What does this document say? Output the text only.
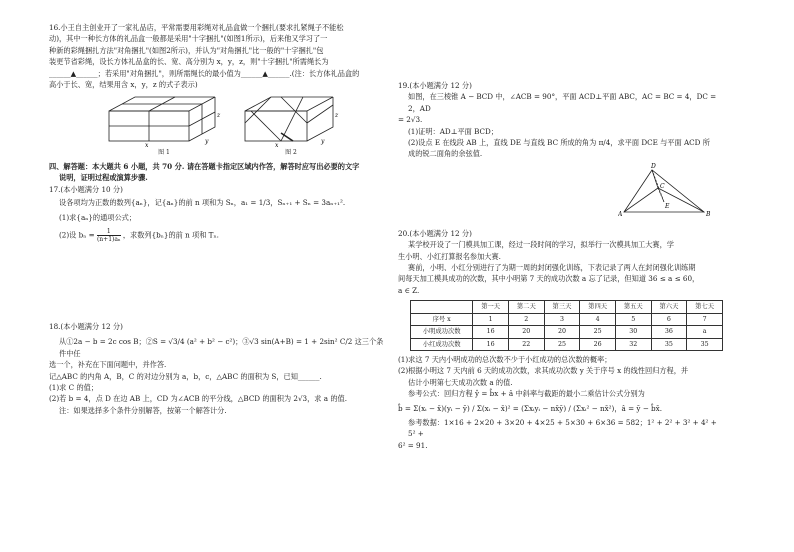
16.小王自主创业开了一家礼品店，平常需要用彩绳对礼品盒做一个捆扎(要求扎紧绳子不能松

动)，其中一种长方体的礼品盒一般都是采用"十字捆扎"(如图1所示)，后来他又学习了一

种新的彩绳捆扎方法"对角捆扎"(如图2所示)，并认为"对角捆扎"比一般的"十字捆扎"包

装更节省彩绳，设长方体礼品盒的长、宽、高分别为 x，y，z，则"十字捆扎"所需绳长为

______▲______；若采用"对角捆扎"，则所需绳长的最小值为______▲______.(注：长方体礼品盒的

高小于长、宽，结果用含 x，y，z 的式子表示)

x
y
z
图 1
x
y
z
图 2

四、解答题：本大题共 6 小题，共 70 分. 请在答题卡指定区域内作答，解答时应写出必要的文字

说明，证明过程或演算步骤.

17.(本小题满分 10 分)

设各项均为正数的数列{aₙ}，记{aₙ}的前 n 项和为 Sₙ，a₁ = 1/3，Sₙ₊₁ + Sₙ = 3aₙ₊₁².

(1)求{aₙ}的通项公式；

(2)设 $b_n = \frac{1}{\text{(n+1)aₙ}}$ ，求数列{bₙ}的前 n 项和 Tₙ.

18.(本小题满分 12 分)

从①2a − b = 2c cos B；②S = √3/4 (a² + b² − c²)；③√3 sin(A+B) = 1 + 2sin² C/2 这三个条件中任

选一个，补充在下面问题中，并作答.

记△ABC 的内角 A，B，C 的对边分别为 a，b，c，△ABC 的面积为 S，已知______.

(1)求 C 的值；

(2)若 b = 4，点 D 在边 AB 上，CD 为∠ACB 的平分线，△BCD 的面积为 2√3，求 a 的值.

注：如果选择多个条件分别解答，按第一个解答计分.

19.(本小题满分 12 分)

如图，在三棱锥 A − BCD 中，∠ACB = 90°，平面 ACD⊥平面 ABC，AC = BC = 4，DC = 2，AD

= 2√3.

(1)证明：AD⊥平面 BCD；

(2)设点 E 在线段 AB 上，直线 DE 与直线 BC 所成的角为 π/4，求平面 DCE 与平面 ACD 所

成的锐二面角的余弦值.

20.(本小题满分 12 分)

某学校开设了一门模具加工课，经过一段时间的学习，拟举行一次模具加工大赛，学

生小明、小红打算报名参加大赛.

赛前，小明、小红分别进行了为期一周的封闭强化训练，下表记录了两人在封闭强化训练期

间每天加工模具成功的次数，其中小明第 7 天的成功次数 a 忘了记录，但知道 36 ≤ a ≤ 60，

a ∈ Z.

	第一天	第二天	第三天	第四天	第五天	第六天	第七天
序号 x	1	2	3	4	5	6	7
小明成功次数	16	20	20	25	30	36	a
小红成功次数	16	22	25	26	32	35	35

(1)求这 7 天内小明成功的总次数不少于小红成功的总次数的概率；

(2)根据小明这 7 天内前 6 天的成功次数，求其成功次数 y 关于序号 x 的线性回归方程，并

估计小明第七天成功次数 a 的值.

参考公式：回归方程 ŷ = b̂x + â 中斜率与截距的最小二乘估计公式分别为

b̂ = Σ(xᵢ − x̄)(yᵢ − ȳ) / Σ(xᵢ − x̄)² = (Σxᵢyᵢ − nx̄ȳ) / (Σxᵢ² − nx̄²)，â = ȳ − b̂x̄.

参考数据：1×16 + 2×20 + 3×20 + 4×25 + 5×30 + 6×36 = 582；1² + 2² + 3² + 4² + 5² +

6² = 91.

A	B
C
D
E
